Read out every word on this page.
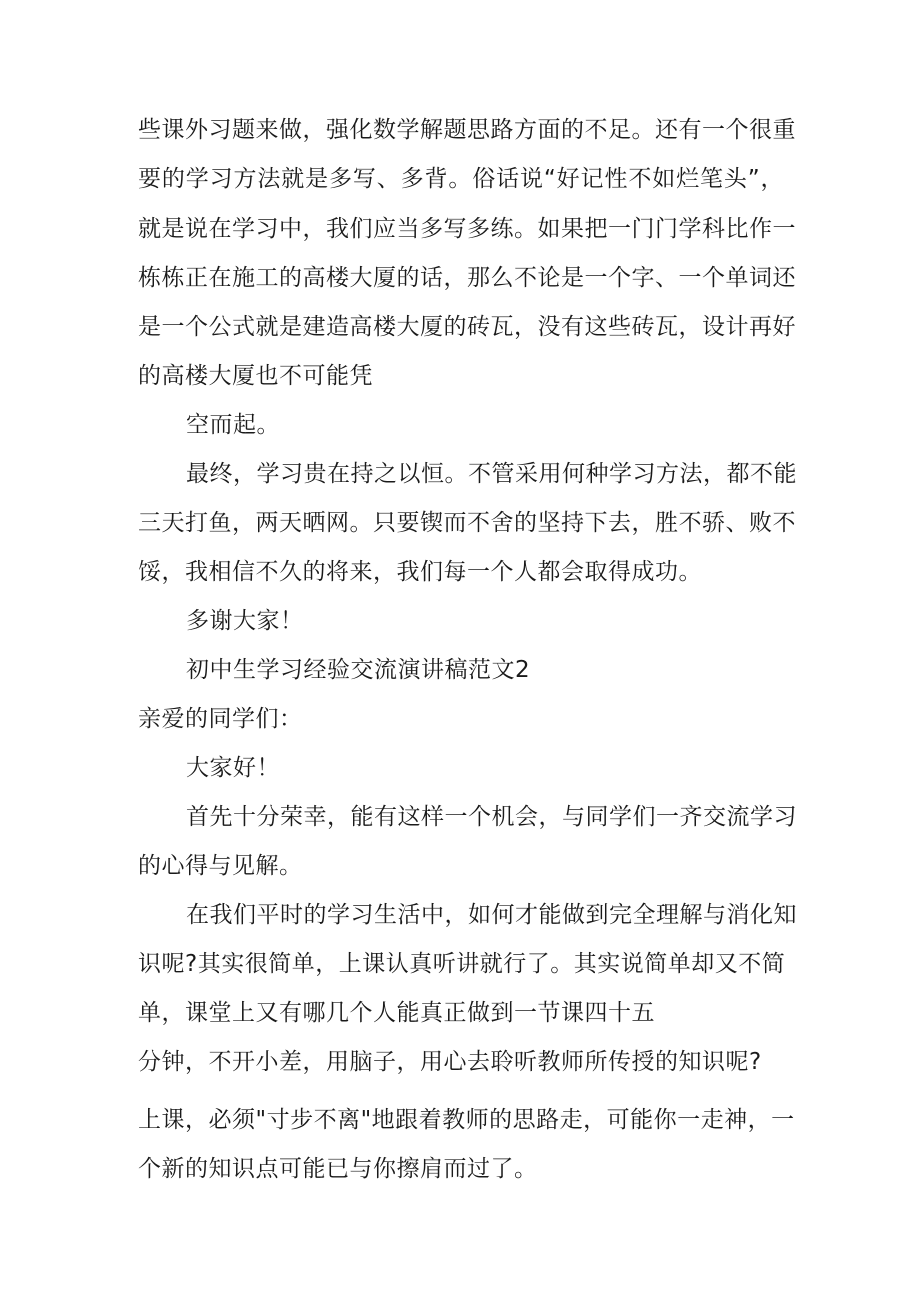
些课外习题来做，强化数学解题思路方面的不足。还有一个很重
要的学习方法就是多写、多背。俗话说“好记性不如烂笔头”，
就是说在学习中，我们应当多写多练。如果把一门门学科比作一
栋栋正在施工的高楼大厦的话，那么不论是一个字、一个单词还
是一个公式就是建造高楼大厦的砖瓦，没有这些砖瓦，设计再好
的高楼大厦也不可能凭
空而起。
最终，学习贵在持之以恒。不管采用何种学习方法，都不能
三天打鱼，两天晒网。只要锲而不舍的坚持下去，胜不骄、败不
馁，我相信不久的将来，我们每一个人都会取得成功。
多谢大家！
初中生学习经验交流演讲稿范文2
亲爱的同学们：
大家好！
首先十分荣幸，能有这样一个机会，与同学们一齐交流学习
的心得与见解。
在我们平时的学习生活中，如何才能做到完全理解与消化知
识呢?其实很简单，上课认真听讲就行了。其实说简单却又不简
单，课堂上又有哪几个人能真正做到一节课四十五
分钟，不开小差，用脑子，用心去聆听教师所传授的知识呢?
上课，必须"寸步不离"地跟着教师的思路走，可能你一走神，一
个新的知识点可能已与你擦肩而过了。
